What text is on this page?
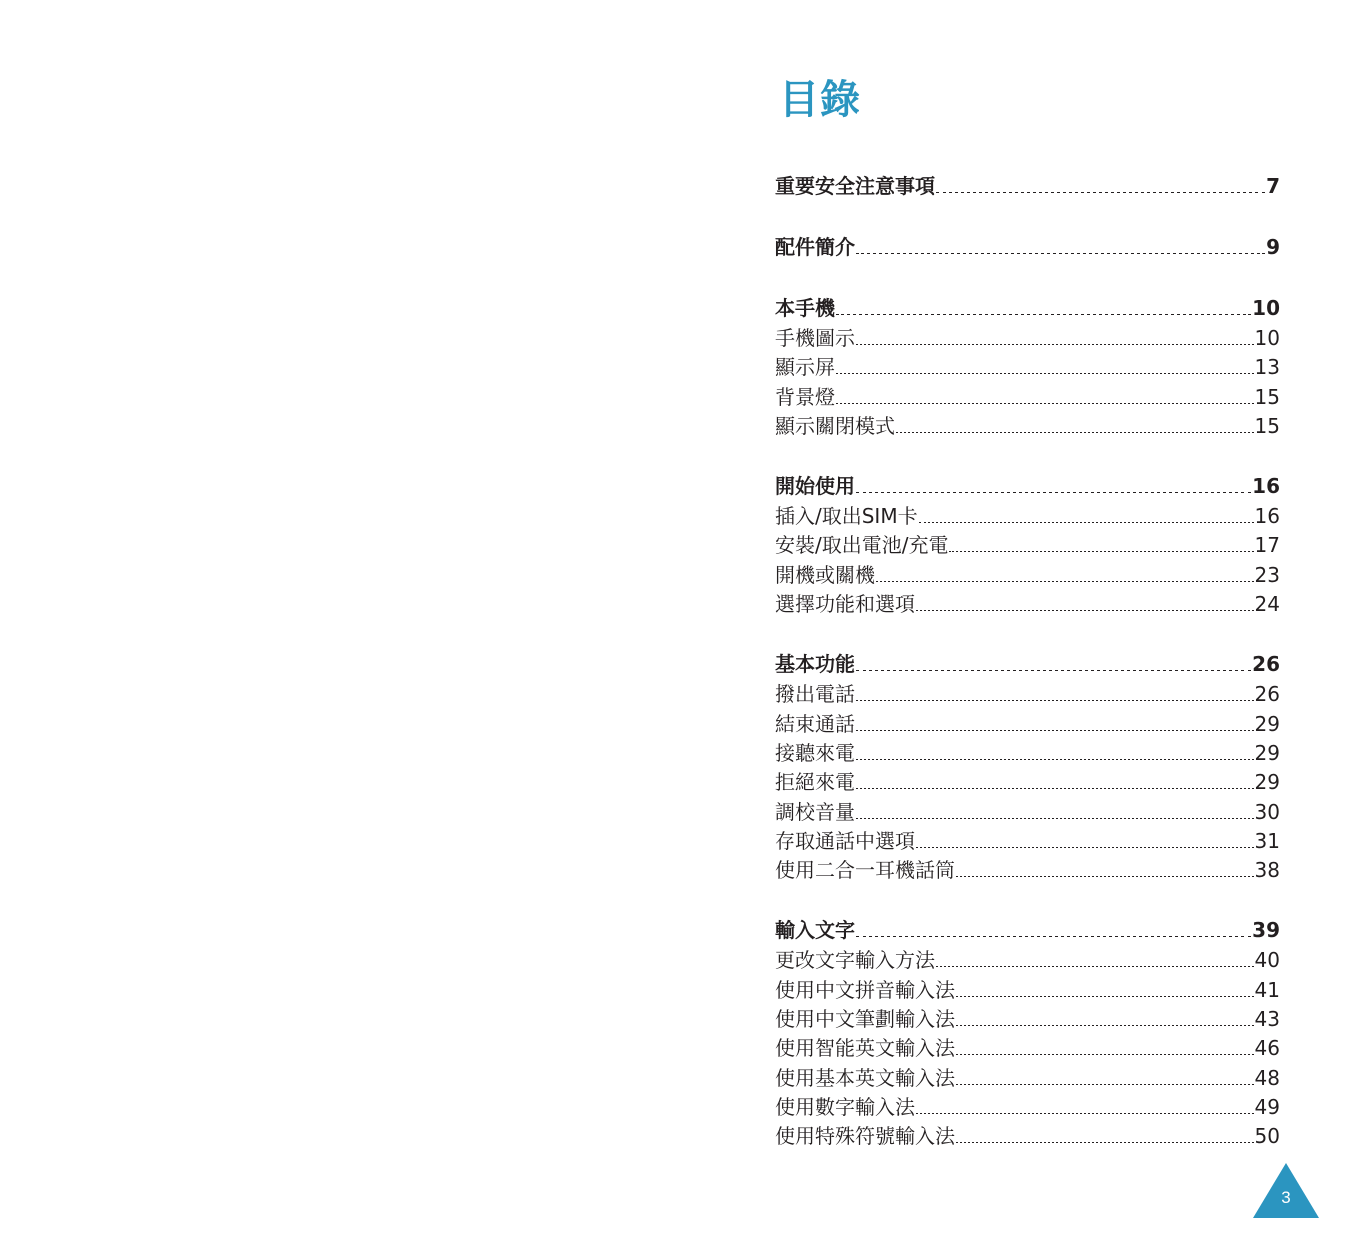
目錄
重要安全注意事項	7
配件簡介	9
本手機	10
手機圖示	10
顯示屏	13
背景燈	15
顯示關閉模式	15
開始使用	16
插入/取出SIM卡	16
安裝/取出電池/充電	17
開機或關機	23
選擇功能和選項	24
基本功能	26
撥出電話	26
結束通話	29
接聽來電	29
拒絕來電	29
調校音量	30
存取通話中選項	31
使用二合一耳機話筒	38
輸入文字	39
更改文字輸入方法	40
使用中文拼音輸入法	41
使用中文筆劃輸入法	43
使用智能英文輸入法	46
使用基本英文輸入法	48
使用數字輸入法	49
使用特殊符號輸入法	50
3
